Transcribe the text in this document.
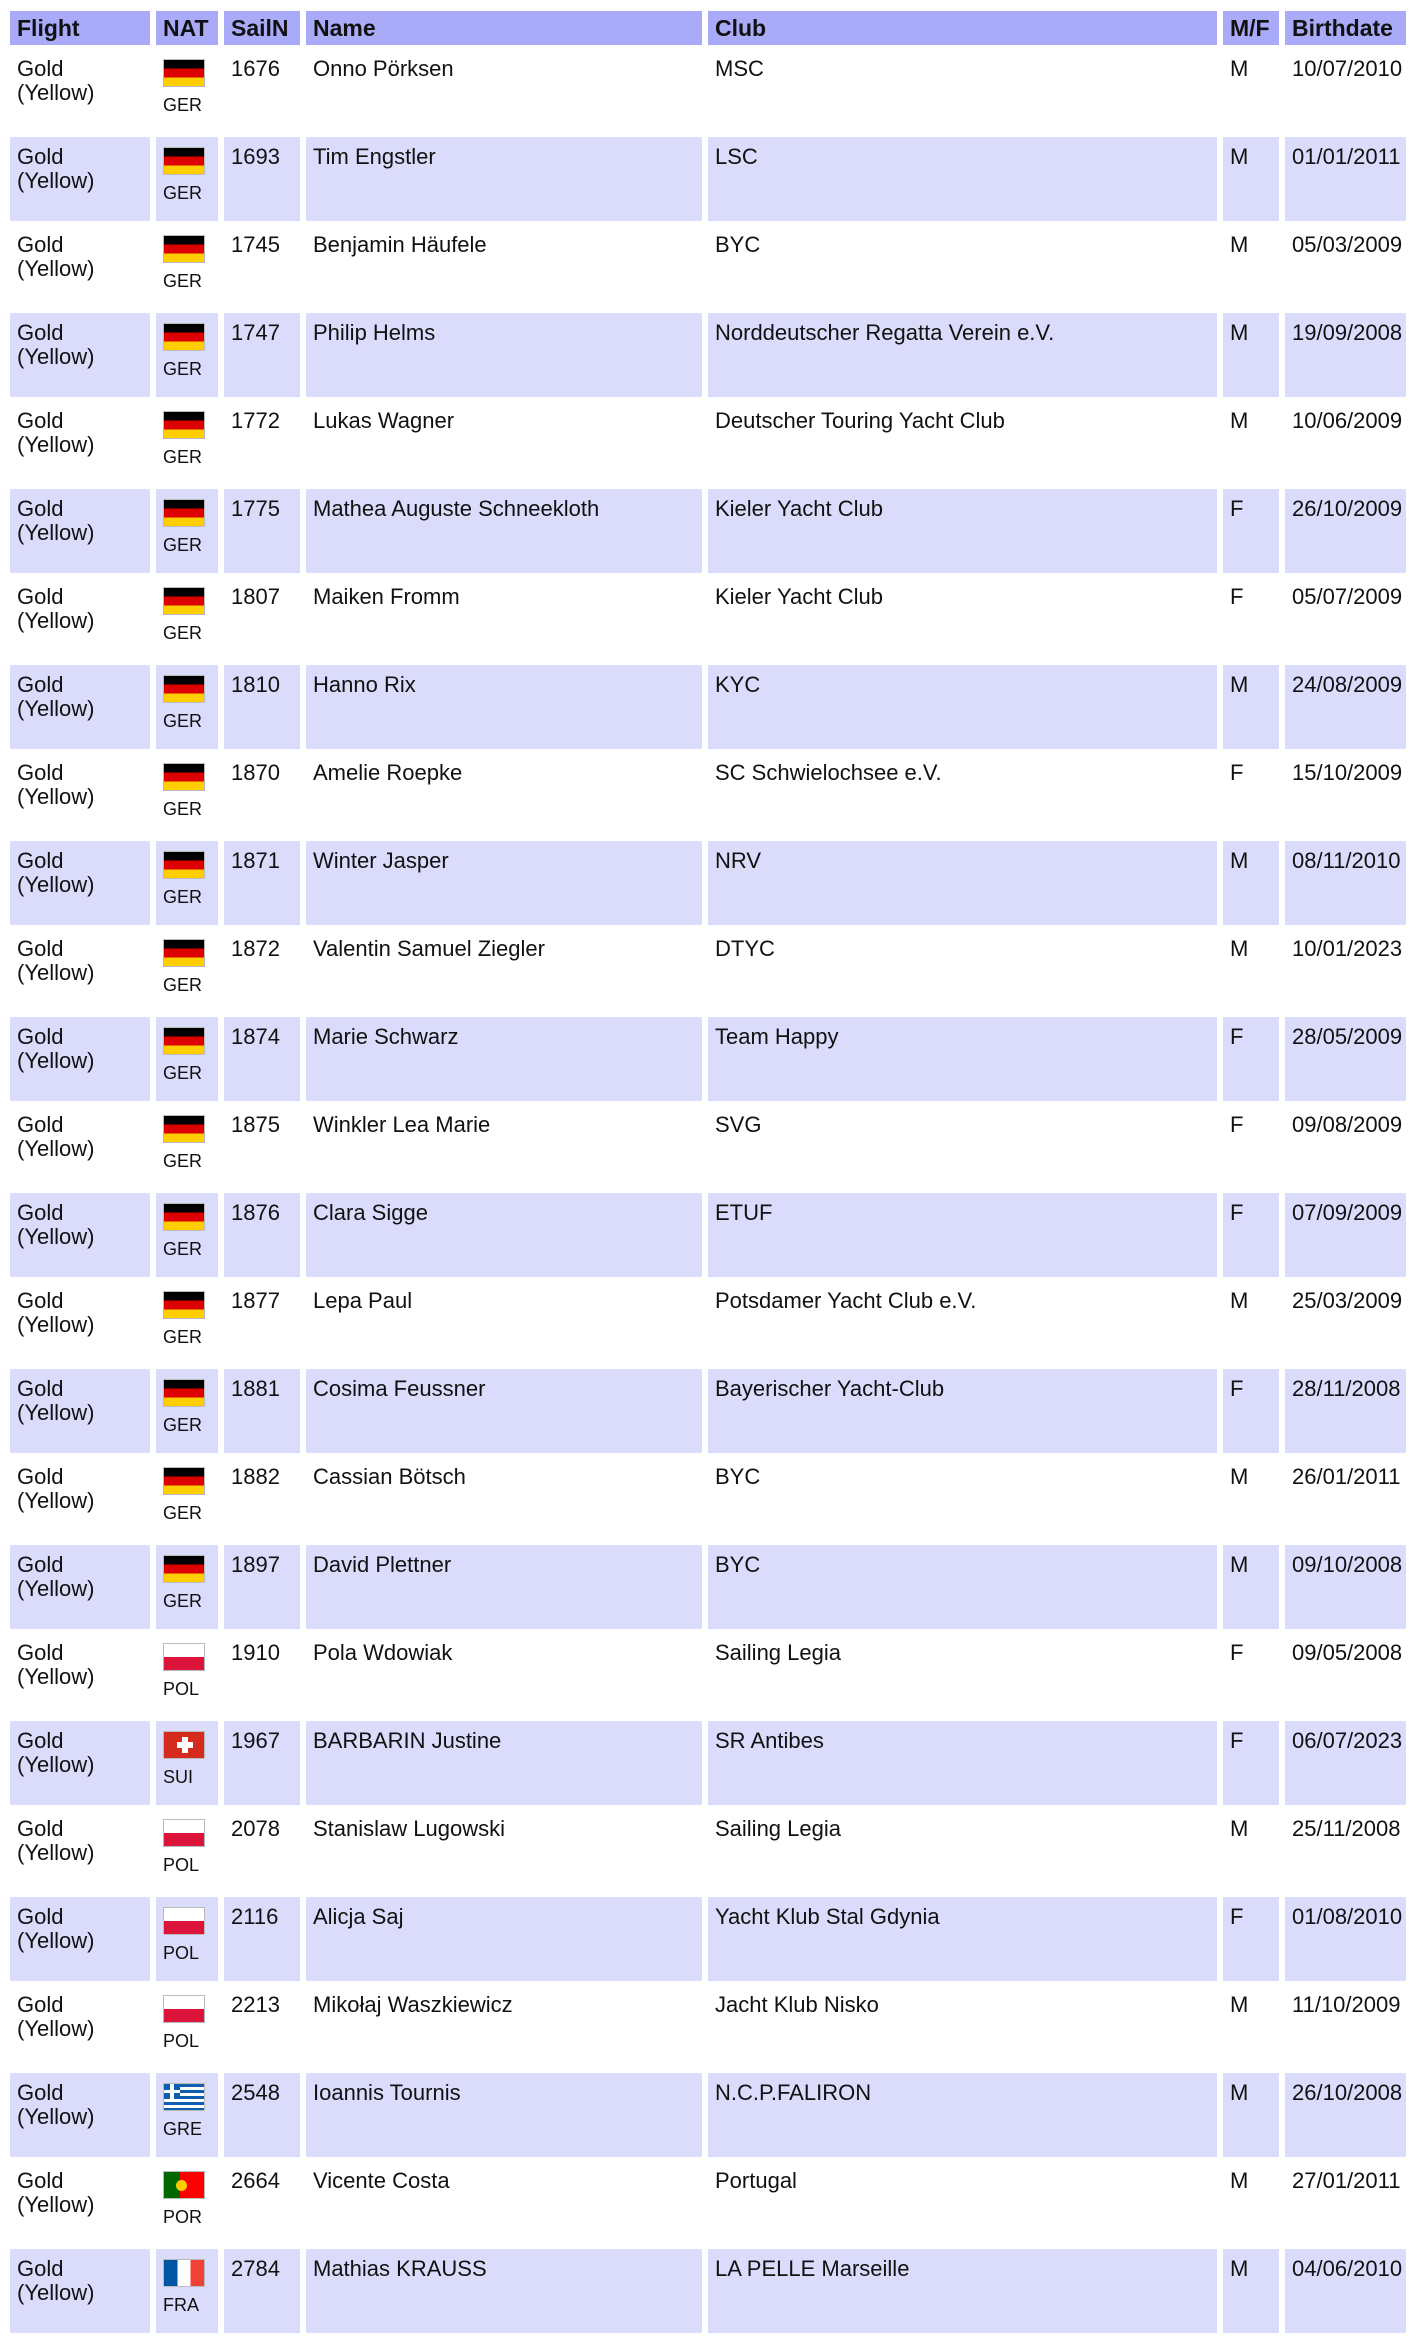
Flight	NAT	SailN	Name	Club	M/F	Birthdate
Gold (Yellow)	GER	1676	Onno Pörksen	MSC	M	10/07/2010
Gold (Yellow)	GER	1693	Tim Engstler	LSC	M	01/01/2011
Gold (Yellow)	GER	1745	Benjamin Häufele	BYC	M	05/03/2009
Gold (Yellow)	GER	1747	Philip Helms	Norddeutscher Regatta Verein e.V.	M	19/09/2008
Gold (Yellow)	GER	1772	Lukas Wagner	Deutscher Touring Yacht Club	M	10/06/2009
Gold (Yellow)	GER	1775	Mathea Auguste Schneekloth	Kieler Yacht Club	F	26/10/2009
Gold (Yellow)	GER	1807	Maiken Fromm	Kieler Yacht Club	F	05/07/2009
Gold (Yellow)	GER	1810	Hanno Rix	KYC	M	24/08/2009
Gold (Yellow)	GER	1870	Amelie Roepke	SC Schwielochsee e.V.	F	15/10/2009
Gold (Yellow)	GER	1871	Winter Jasper	NRV	M	08/11/2010
Gold (Yellow)	GER	1872	Valentin Samuel Ziegler	DTYC	M	10/01/2023
Gold (Yellow)	GER	1874	Marie Schwarz	Team Happy	F	28/05/2009
Gold (Yellow)	GER	1875	Winkler Lea Marie	SVG	F	09/08/2009
Gold (Yellow)	GER	1876	Clara Sigge	ETUF	F	07/09/2009
Gold (Yellow)	GER	1877	Lepa Paul	Potsdamer Yacht Club e.V.	M	25/03/2009
Gold (Yellow)	GER	1881	Cosima Feussner	Bayerischer Yacht-Club	F	28/11/2008
Gold (Yellow)	GER	1882	Cassian Bötsch	BYC	M	26/01/2011
Gold (Yellow)	GER	1897	David Plettner	BYC	M	09/10/2008
Gold (Yellow)	POL	1910	Pola Wdowiak	Sailing Legia	F	09/05/2008
Gold (Yellow)	SUI	1967	BARBARIN Justine	SR Antibes	F	06/07/2023
Gold (Yellow)	POL	2078	Stanislaw Lugowski	Sailing Legia	M	25/11/2008
Gold (Yellow)	POL	2116	Alicja Saj	Yacht Klub Stal Gdynia	F	01/08/2010
Gold (Yellow)	POL	2213	Mikołaj Waszkiewicz	Jacht Klub Nisko	M	11/10/2009
Gold (Yellow)	GRE	2548	Ioannis Tournis	N.C.P.FALIRON	M	26/10/2008
Gold (Yellow)	POR	2664	Vicente Costa	Portugal	M	27/01/2011
Gold (Yellow)	FRA	2784	Mathias KRAUSS	LA PELLE Marseille	M	04/06/2010
